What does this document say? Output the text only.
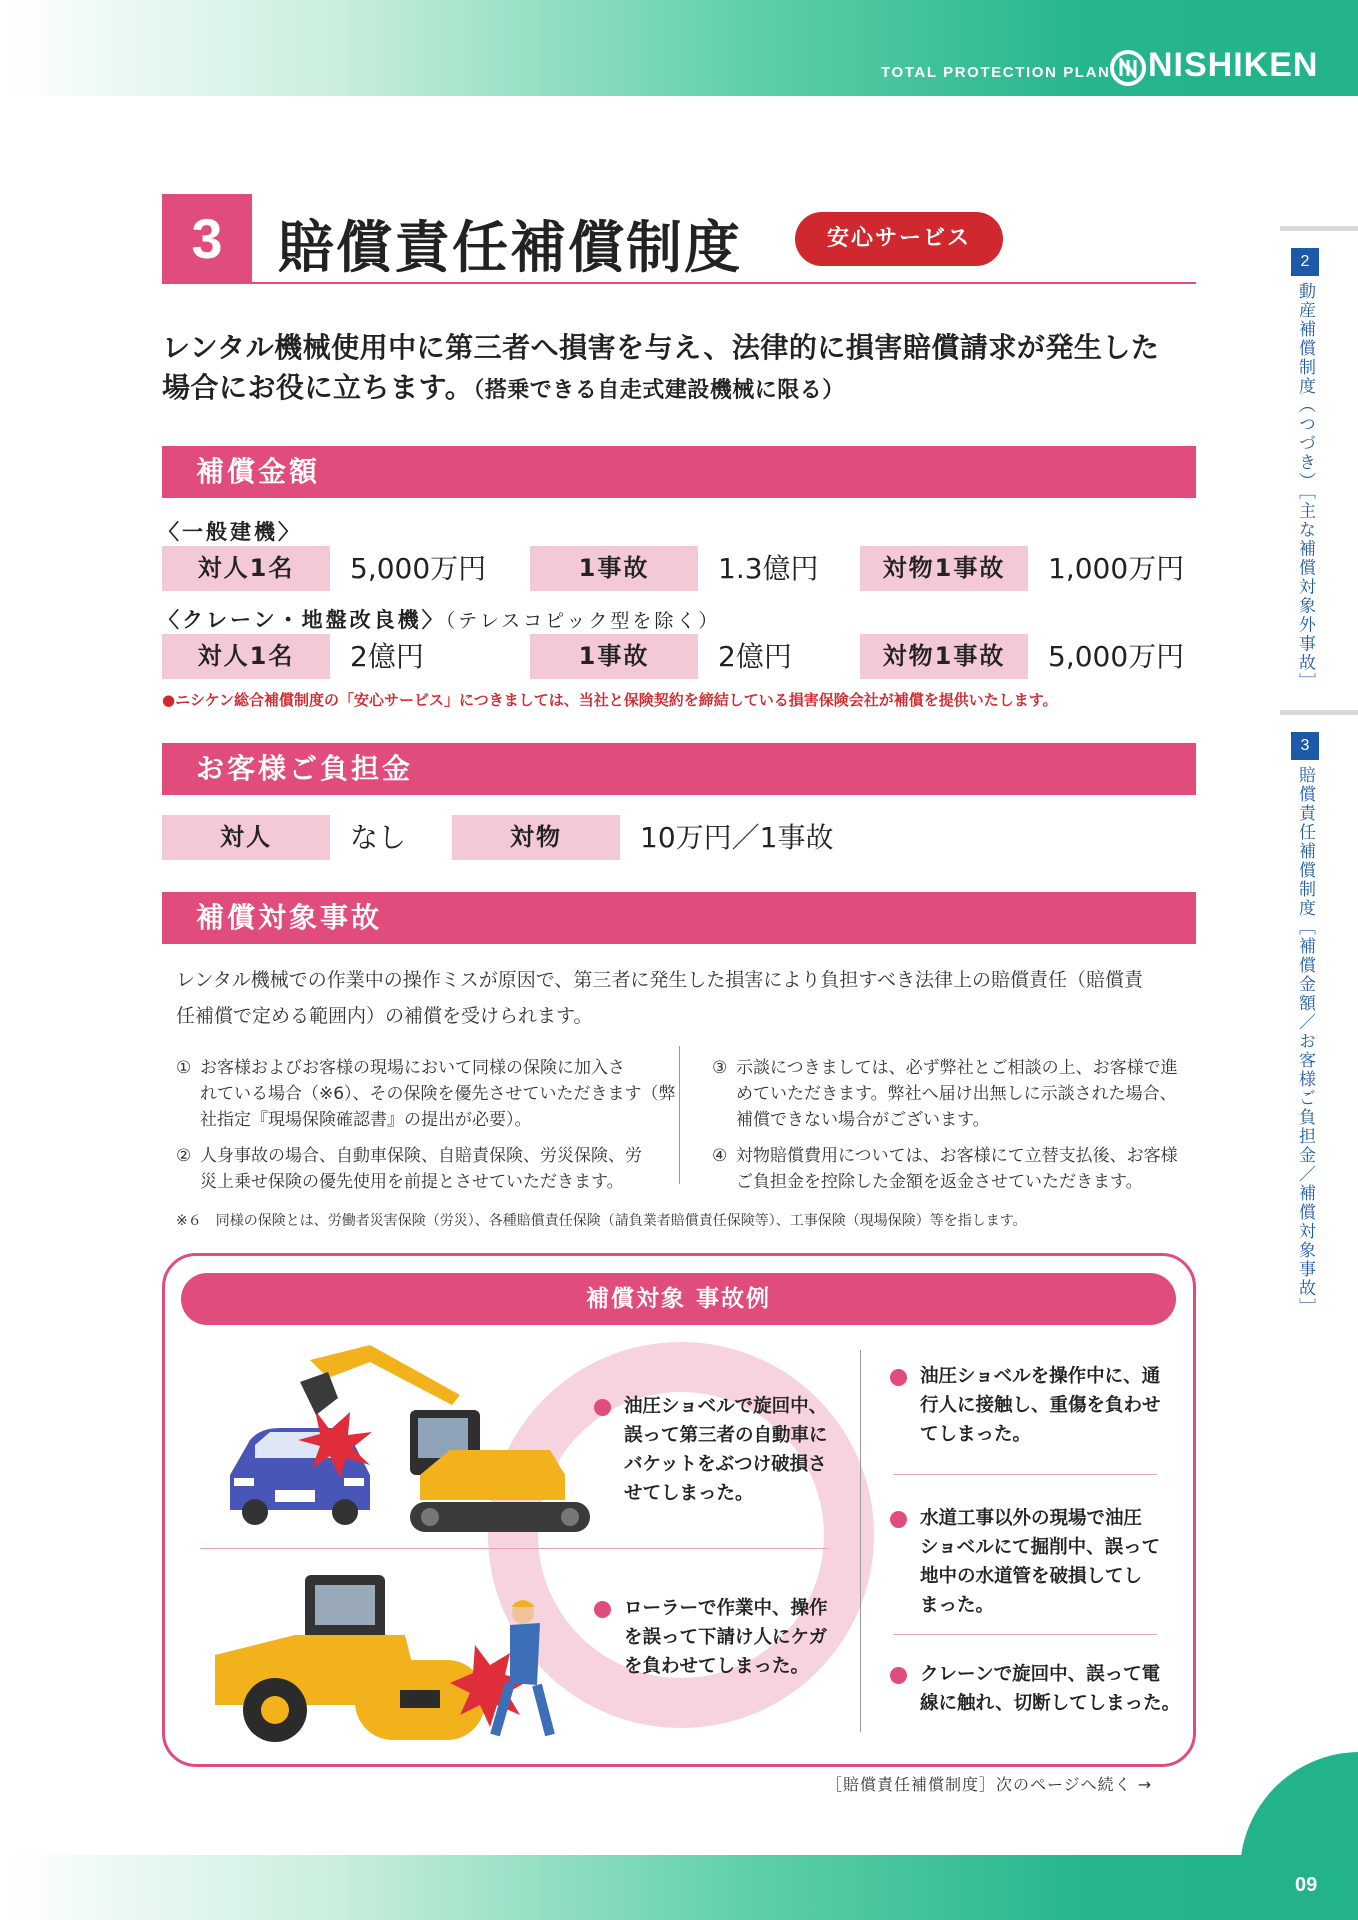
TOTAL PROTECTION PLAN NISHIKEN
2
動産補償制度（つづき）［主な補償対象外事故］
3
賠償責任補償制度［補償金額／お客様ご負担金／補償対象事故］
3 賠償責任補償制度	安心サービス
レンタル機械使用中に第三者へ損害を与え、法律的に損害賠償請求が発生した
場合にお役に立ちます。（搭乗できる自走式建設機械に限る）
補償金額
〈一般建機〉
対人1名	5,000万円	1事故	1.3億円	対物1事故	1,000万円
〈クレーン・地盤改良機〉（テレスコピック型を除く）
対人1名	2億円	1事故	2億円	対物1事故	5,000万円
●ニシケン総合補償制度の「安心サービス」につきましては、当社と保険契約を締結している損害保険会社が補償を提供いたします。
お客様ご負担金
対人	なし	対物	10万円／1事故
補償対象事故
レンタル機械での作業中の操作ミスが原因で、第三者に発生した損害により負担すべき法律上の賠償責任（賠償責
任補償で定める範囲内）の補償を受けられます。
① お客様およびお客様の現場において同様の保険に加入さ
れている場合（※6）、その保険を優先させていただきます（弊
社指定『現場保険確認書』の提出が必要）。
② 人身事故の場合、自動車保険、自賠責保険、労災保険、労
災上乗せ保険の優先使用を前提とさせていただきます。
③ 示談につきましては、必ず弊社とご相談の上、お客様で進
めていただきます。弊社へ届け出無しに示談された場合、
補償できない場合がございます。
④ 対物賠償費用については、お客様にて立替支払後、お客様
ご負担金を控除した金額を返金させていただきます。
※６　同様の保険とは、労働者災害保険（労災）、各種賠償責任保険（請負業者賠償責任保険等）、工事保険（現場保険）等を指します。
補償対象 事故例
油圧ショベルで旋回中、
誤って第三者の自動車に
バケットをぶつけ破損さ
せてしまった。
ローラーで作業中、操作
を誤って下請け人にケガ
を負わせてしまった。
油圧ショベルを操作中に、通
行人に接触し、重傷を負わせ
てしまった。
水道工事以外の現場で油圧
ショベルにて掘削中、誤って
地中の水道管を破損してし
まった。
クレーンで旋回中、誤って電
線に触れ、切断してしまった。
［賠償責任補償制度］次のページへ続く →
09
